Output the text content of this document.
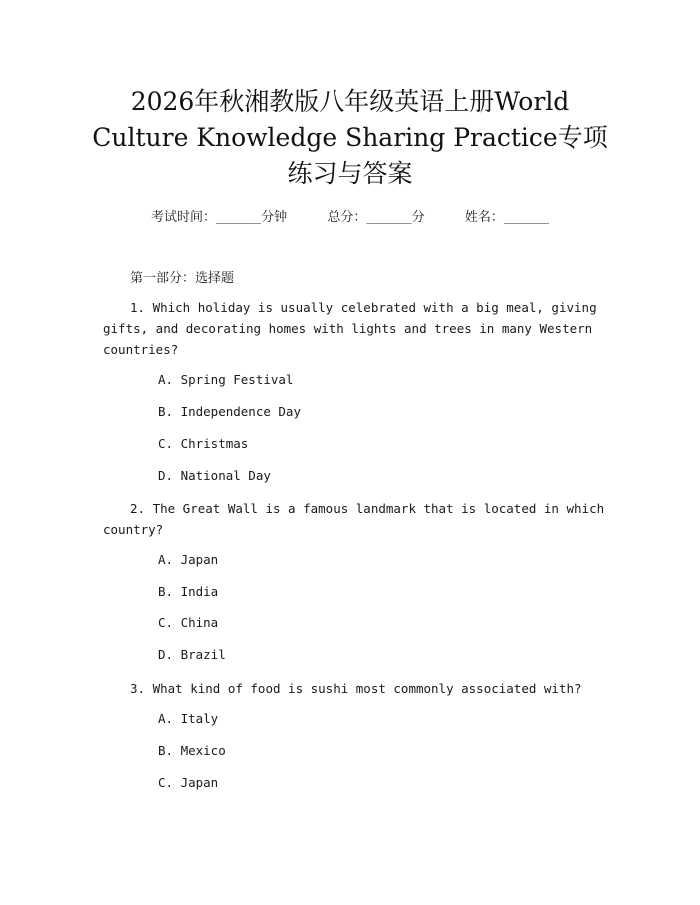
2026年秋湘教版八年级英语上册World
Culture Knowledge Sharing Practice专项
练习与答案
考试时间：______分钟	总分：______分	姓名：______
第一部分：选择题
1. Which holiday is usually celebrated with a big meal, giving
gifts, and decorating homes with lights and trees in many Western
countries?
A. Spring Festival
B. Independence Day
C. Christmas
D. National Day
2. The Great Wall is a famous landmark that is located in which
country?
A. Japan
B. India
C. China
D. Brazil
3. What kind of food is sushi most commonly associated with?
A. Italy
B. Mexico
C. Japan
